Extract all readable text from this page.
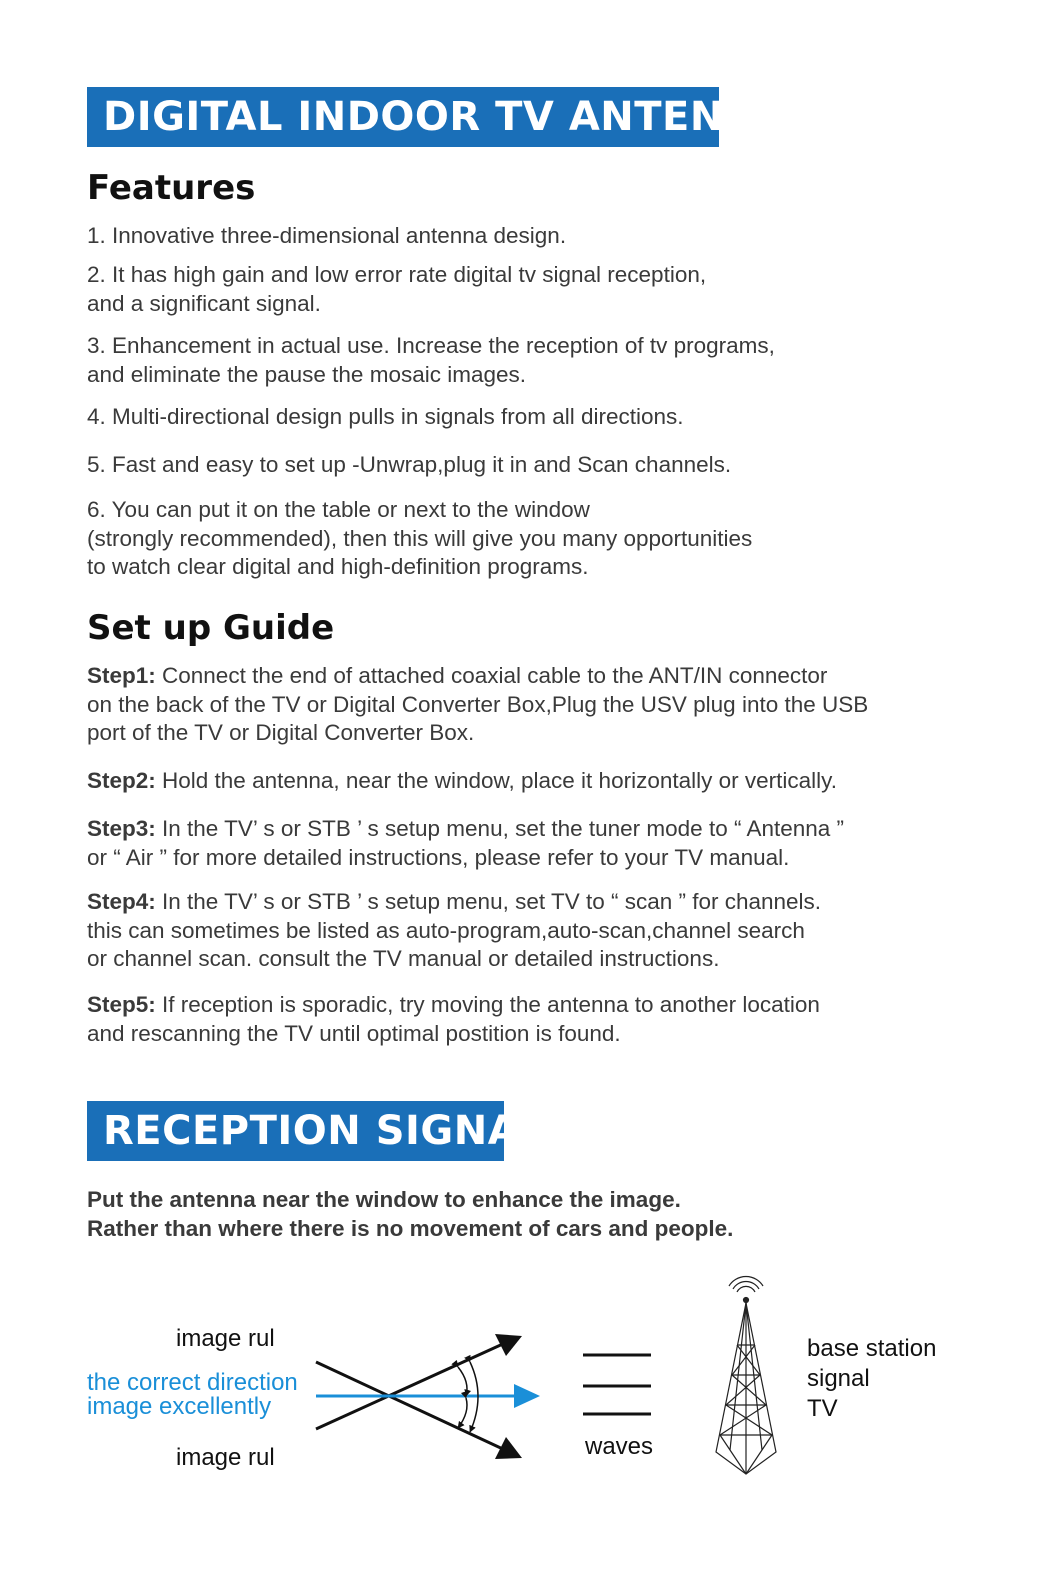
DIGITAL INDOOR TV ANTENNA
Features

1. Innovative three-dimensional antenna design.

2. It has high gain and low error rate digital tv signal reception,
and a significant signal.

3. Enhancement in actual use. Increase the reception of tv programs,
and eliminate the pause the mosaic images.

4. Multi-directional design pulls in signals from all directions.

5. Fast and easy to set up -Unwrap,plug it in and Scan channels.

6. You can put it on the table or next to the window
(strongly recommended), then this will give you many opportunities
to watch clear digital and high-definition programs.

Set up Guide

Step1: Connect the end of attached coaxial cable to the ANT/IN connector
on the back of the TV or Digital Converter Box,Plug the USV plug into the USB
port of the TV or Digital Converter Box.

Step2: Hold the antenna, near the window, place it horizontally or vertically.

Step3: In the TV’ s or STB ’ s setup menu, set the tuner mode to “ Antenna ”
or “ Air ” for more detailed instructions, please refer to your TV manual.

Step4: In the TV’ s or STB ’ s setup menu, set TV to “ scan ” for channels.
this can sometimes be listed as auto-program,auto-scan,channel search
or channel scan. consult the TV manual or detailed instructions.

Step5: If reception is sporadic, try moving the antenna to another location
and rescanning the TV until optimal postition is found.

RECEPTION SIGNAL

Put the antenna near the window to enhance the image.
Rather than where there is no movement of cars and people.

image rul
the correct direction
image excellently
image rul	waves
base station
signal
TV
